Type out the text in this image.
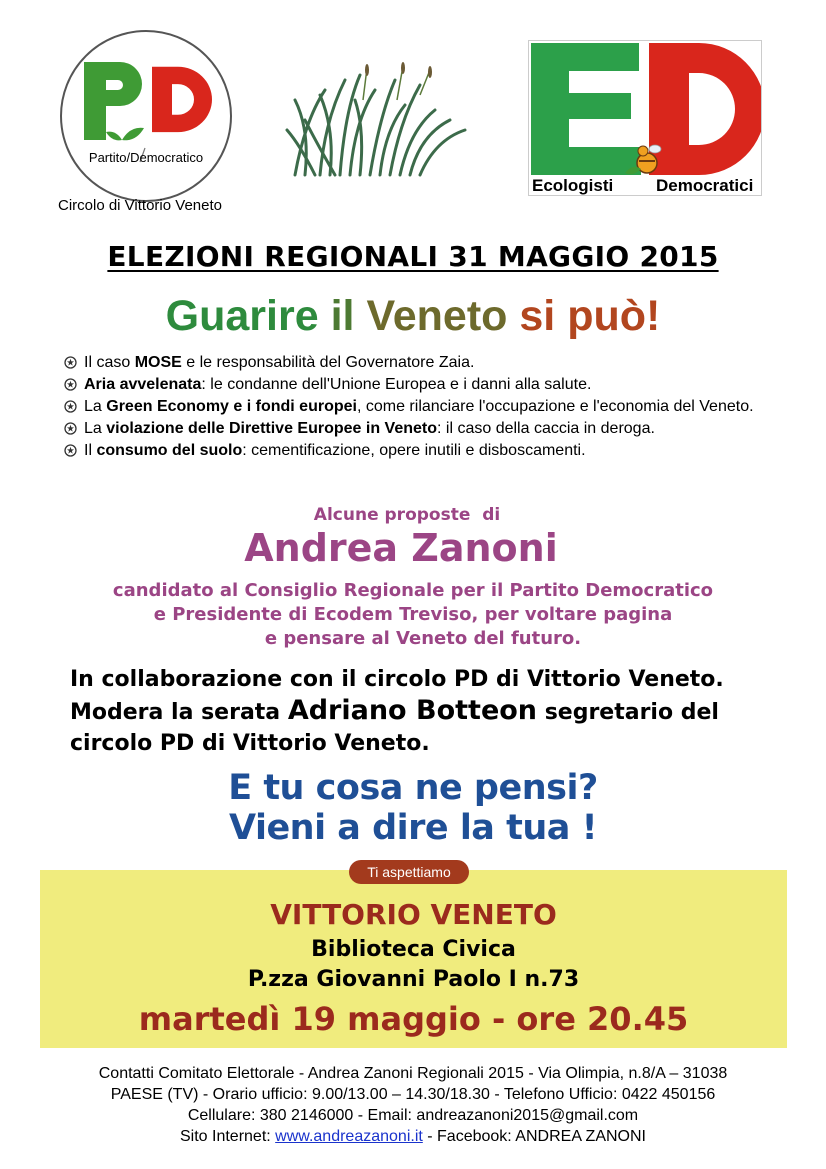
Partito/Democratico
Circolo di Vittorio Veneto
Ecologisti	Democratici
ELEZIONI REGIONALI 31 MAGGIO 2015
Guarire il Veneto si può!
Il caso MOSE e le responsabilità del Governatore Zaia.
Aria avvelenata: le condanne dell'Unione Europea e i danni alla salute.
La Green Economy e i fondi europei, come rilanciare l'occupazione e l'economia del Veneto.
La violazione delle Direttive Europee in Veneto: il caso della caccia in deroga.
Il consumo del suolo: cementificazione, opere inutili e disboscamenti.
Alcune proposte  di
Andrea Zanoni
candidato al Consiglio Regionale per il Partito Democratico
e Presidente di Ecodem Treviso, per voltare pagina
e pensare al Veneto del futuro.
In collaborazione con il circolo PD di Vittorio Veneto.
Modera la serata Adriano Botteon segretario del
circolo PD di Vittorio Veneto.
E tu cosa ne pensi?
Vieni a dire la tua !
Ti aspettiamo
VITTORIO VENETO
Biblioteca Civica
P.zza Giovanni Paolo I n.73
martedì 19 maggio - ore 20.45
Contatti Comitato Elettorale - Andrea Zanoni Regionali 2015 - Via Olimpia, n.8/A – 31038
PAESE (TV) - Orario ufficio: 9.00/13.00 – 14.30/18.30 - Telefono Ufficio: 0422 450156
Cellulare: 380 2146000 - Email: andreazanoni2015@gmail.com
Sito Internet: www.andreazanoni.it - Facebook: ANDREA ZANONI
